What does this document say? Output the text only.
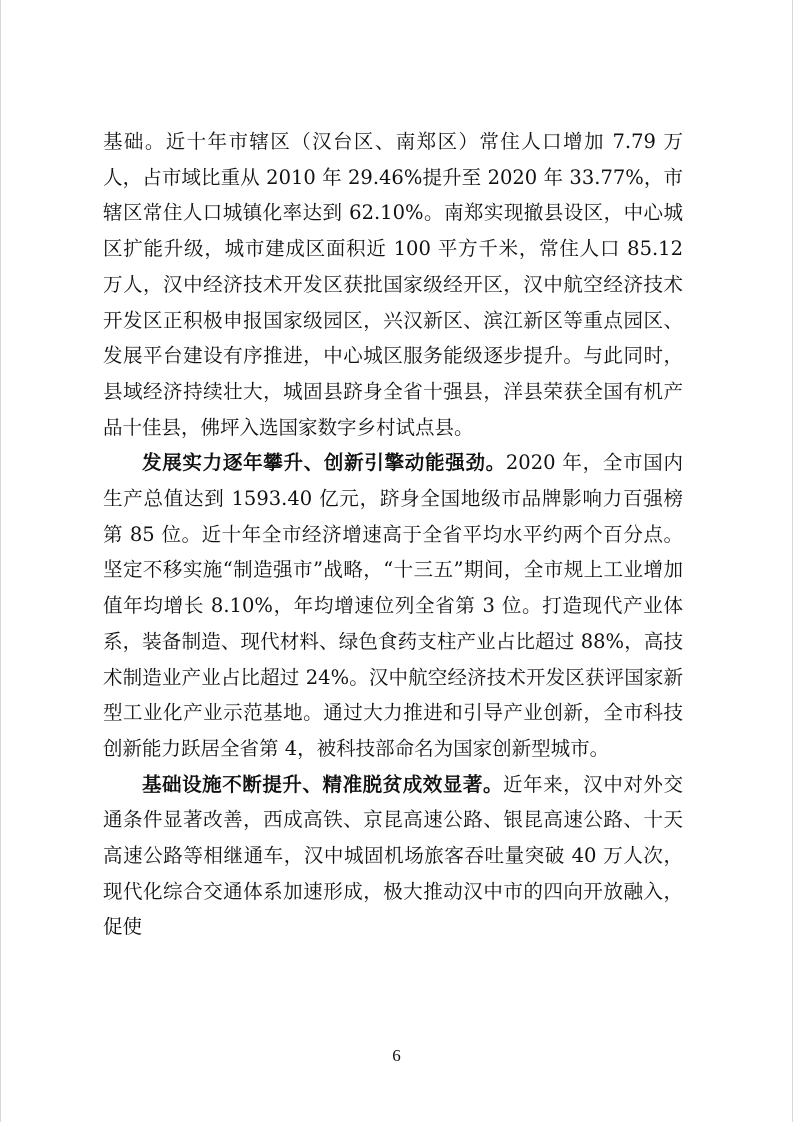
基础。近十年市辖区（汉台区、南郑区）常住人口增加 7.79 万人，占市域比重从 2010 年 29.46%提升至 2020 年 33.77%，市辖区常住人口城镇化率达到 62.10%。南郑实现撤县设区，中心城区扩能升级，城市建成区面积近 100 平方千米，常住人口 85.12 万人，汉中经济技术开发区获批国家级经开区，汉中航空经济技术开发区正积极申报国家级园区，兴汉新区、滨江新区等重点园区、发展平台建设有序推进，中心城区服务能级逐步提升。与此同时，县域经济持续壮大，城固县跻身全省十强县，洋县荣获全国有机产品十佳县，佛坪入选国家数字乡村试点县。

发展实力逐年攀升、创新引擎动能强劲。2020 年，全市国内生产总值达到 1593.40 亿元，跻身全国地级市品牌影响力百强榜第 85 位。近十年全市经济增速高于全省平均水平约两个百分点。坚定不移实施“制造强市”战略，“十三五”期间，全市规上工业增加值年均增长 8.10%，年均增速位列全省第 3 位。打造现代产业体系，装备制造、现代材料、绿色食药支柱产业占比超过 88%，高技术制造业产业占比超过 24%。汉中航空经济技术开发区获评国家新型工业化产业示范基地。通过大力推进和引导产业创新，全市科技创新能力跃居全省第 4，被科技部命名为国家创新型城市。

基础设施不断提升、精准脱贫成效显著。近年来，汉中对外交通条件显著改善，西成高铁、京昆高速公路、银昆高速公路、十天高速公路等相继通车，汉中城固机场旅客吞吐量突破 40 万人次，现代化综合交通体系加速形成，极大推动汉中市的四向开放融入，促使

6
